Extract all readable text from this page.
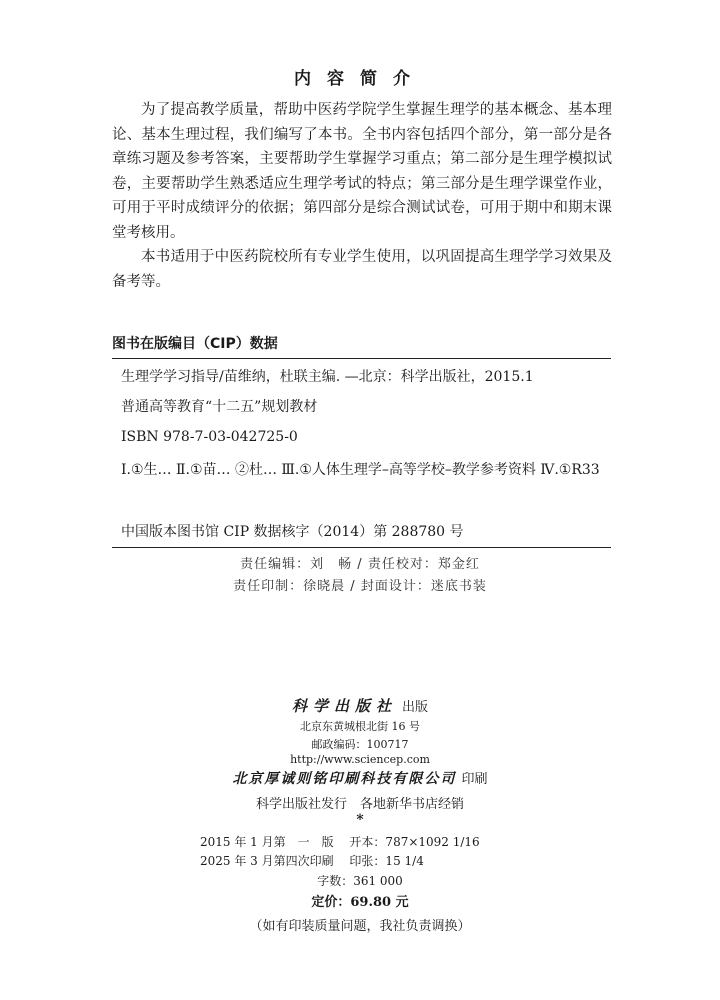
内容简介

为了提高教学质量，帮助中医药学院学生掌握生理学的基本概念、基本理论、基本生理过程，我们编写了本书。全书内容包括四个部分，第一部分是各章练习题及参考答案，主要帮助学生掌握学习重点；第二部分是生理学模拟试卷，主要帮助学生熟悉适应生理学考试的特点；第三部分是生理学课堂作业，可用于平时成绩评分的依据；第四部分是综合测试试卷，可用于期中和期末课堂考核用。

本书适用于中医药院校所有专业学生使用，以巩固提高生理学学习效果及备考等。

图书在版编目（CIP）数据
生理学学习指导/苗维纳，杜联主编. —北京：科学出版社，2015.1
普通高等教育“十二五”规划教材
ISBN 978-7-03-042725-0
Ⅰ.①生… Ⅱ.①苗… ②杜… Ⅲ.①人体生理学–高等学校–教学参考资料 Ⅳ.①R33
中国版本图书馆 CIP 数据核字（2014）第 288780 号
责任编辑：刘　畅 / 责任校对：郑金红
责任印制：徐晓晨 / 封面设计：迷底书装
科学出版社 出版
北京东黄城根北街 16 号
邮政编码：100717
http://www.sciencep.com
北京厚诚则铭印刷科技有限公司 印刷
科学出版社发行　各地新华书店经销
*
2015 年 1 月第　一　版　 开本：787×1092 1/16
2025 年 3 月第四次印刷　 印张：15 1/4
字数：361 000
定价：69.80 元
（如有印装质量问题，我社负责调换）
